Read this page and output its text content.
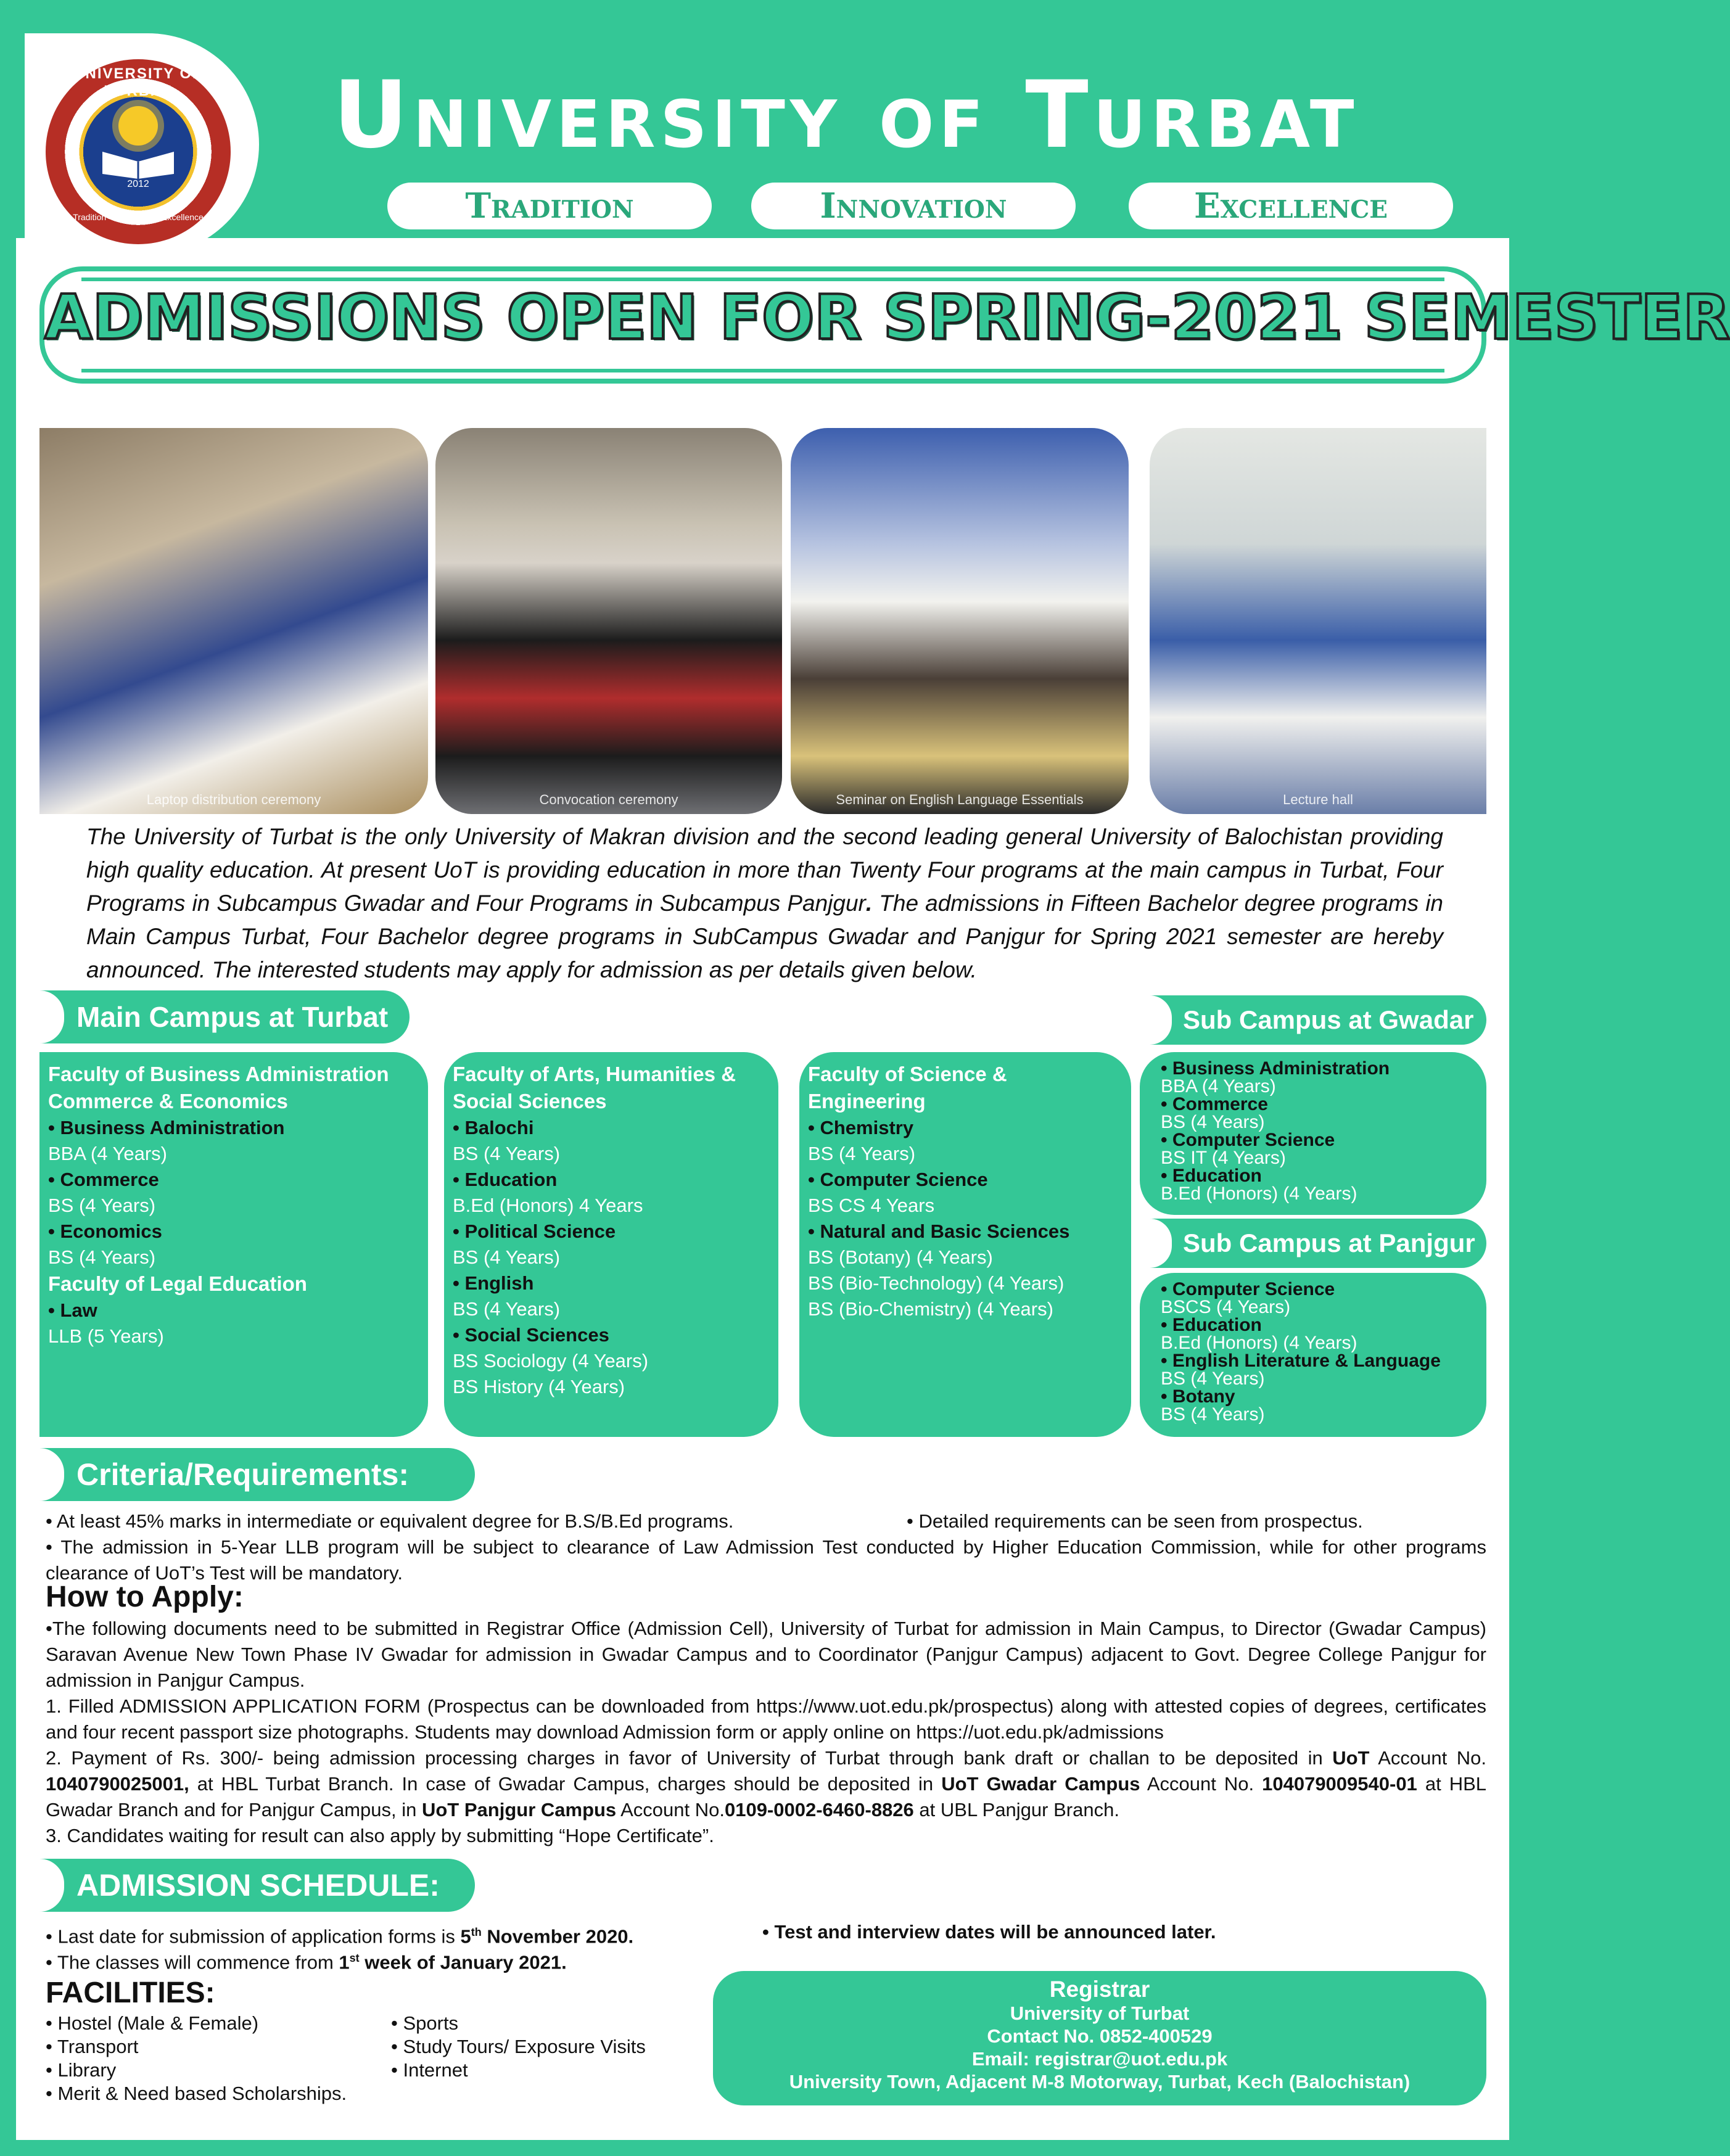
UNIVERSITY OF TURBAT
2012
Tradition • Innovation • Excellence
University of Turbat
Tradition	Innovation	Excellence
ADMISSIONS OPEN FOR SPRING-2021 SEMESTER
Laptop distribution ceremony	Convocation ceremony	Seminar on English Language Essentials	Lecture hall
The University of Turbat is the only University of Makran division and the second leading general University of Balochistan providing high quality education. At present UoT is providing education in more than Twenty Four programs at the main campus in Turbat, Four Programs in Subcampus Gwadar and Four Programs in Subcampus Panjgur. The admissions in Fifteen Bachelor degree programs in Main Campus Turbat, Four Bachelor degree programs in SubCampus Gwadar and Panjgur for Spring 2021 semester are hereby announced. The interested students may apply for admission as per details given below.
Main Campus at Turbat
Faculty of Business Administration Commerce & Economics
• Business Administration
BBA (4 Years)
• Commerce
BS (4 Years)
• Economics
BS (4 Years)
Faculty of Legal Education
• Law
LLB (5 Years)
Faculty of Arts, Humanities & Social Sciences
• Balochi
BS (4 Years)
• Education
B.Ed (Honors) 4 Years
• Political Science
BS (4 Years)
• English
BS (4 Years)
• Social Sciences
BS Sociology (4 Years)
BS History (4 Years)
Faculty of Science & Engineering
• Chemistry
BS (4 Years)
• Computer Science
BS CS 4 Years
• Natural and Basic Sciences
BS (Botany) (4 Years)
BS (Bio-Technology) (4 Years)
BS (Bio-Chemistry) (4 Years)
Sub Campus at Gwadar
• Business Administration
BBA (4 Years)
• Commerce
BS (4 Years)
• Computer Science
BS IT (4 Years)
• Education
B.Ed (Honors) (4 Years)
Sub Campus at Panjgur
• Computer Science
BSCS (4 Years)
• Education
B.Ed (Honors) (4 Years)
• English Literature & Language
BS (4 Years)
• Botany
BS (4 Years)
Criteria/Requirements:
• At least 45% marks in intermediate or equivalent degree for B.S/B.Ed programs.	• Detailed requirements can be seen from prospectus.
• The admission in 5-Year LLB program will be subject to clearance of Law Admission Test conducted by Higher Education Commission, while for other programs clearance of UoT’s Test will be mandatory.
How to Apply:
•The following documents need to be submitted in Registrar Office (Admission Cell), University of Turbat for admission in Main Campus, to Director (Gwadar Campus) Saravan Avenue New Town Phase IV Gwadar for admission in Gwadar Campus and to Coordinator (Panjgur Campus) adjacent to Govt. Degree College Panjgur for admission in Panjgur Campus.
1. Filled ADMISSION APPLICATION FORM (Prospectus can be downloaded from https://www.uot.edu.pk/prospectus) along with attested copies of degrees, certificates and four recent passport size photographs. Students may download Admission form or apply online on https://uot.edu.pk/admissions
2. Payment of Rs. 300/- being admission processing charges in favor of University of Turbat through bank draft or challan to be deposited in UoT Account No. 1040790025001, at HBL Turbat Branch. In case of Gwadar Campus, charges should be deposited in UoT Gwadar Campus Account No. 104079009540-01 at HBL Gwadar Branch and for Panjgur Campus, in UoT Panjgur Campus Account No.0109-0002-6460-8826 at UBL Panjgur Branch.
3. Candidates waiting for result can also apply by submitting “Hope Certificate”.
ADMISSION SCHEDULE:
• Last date for submission of application forms is 5th November 2020.
• The classes will commence from 1st week of January 2021.
• Test and interview dates will be announced later.
FACILITIES:
• Hostel (Male & Female)
• Transport
• Library
• Merit & Need based Scholarships.
• Sports
• Study Tours/ Exposure Visits
• Internet
Registrar
University of Turbat
Contact No. 0852-400529
Email: registrar@uot.edu.pk
University Town, Adjacent M-8 Motorway, Turbat, Kech (Balochistan)
